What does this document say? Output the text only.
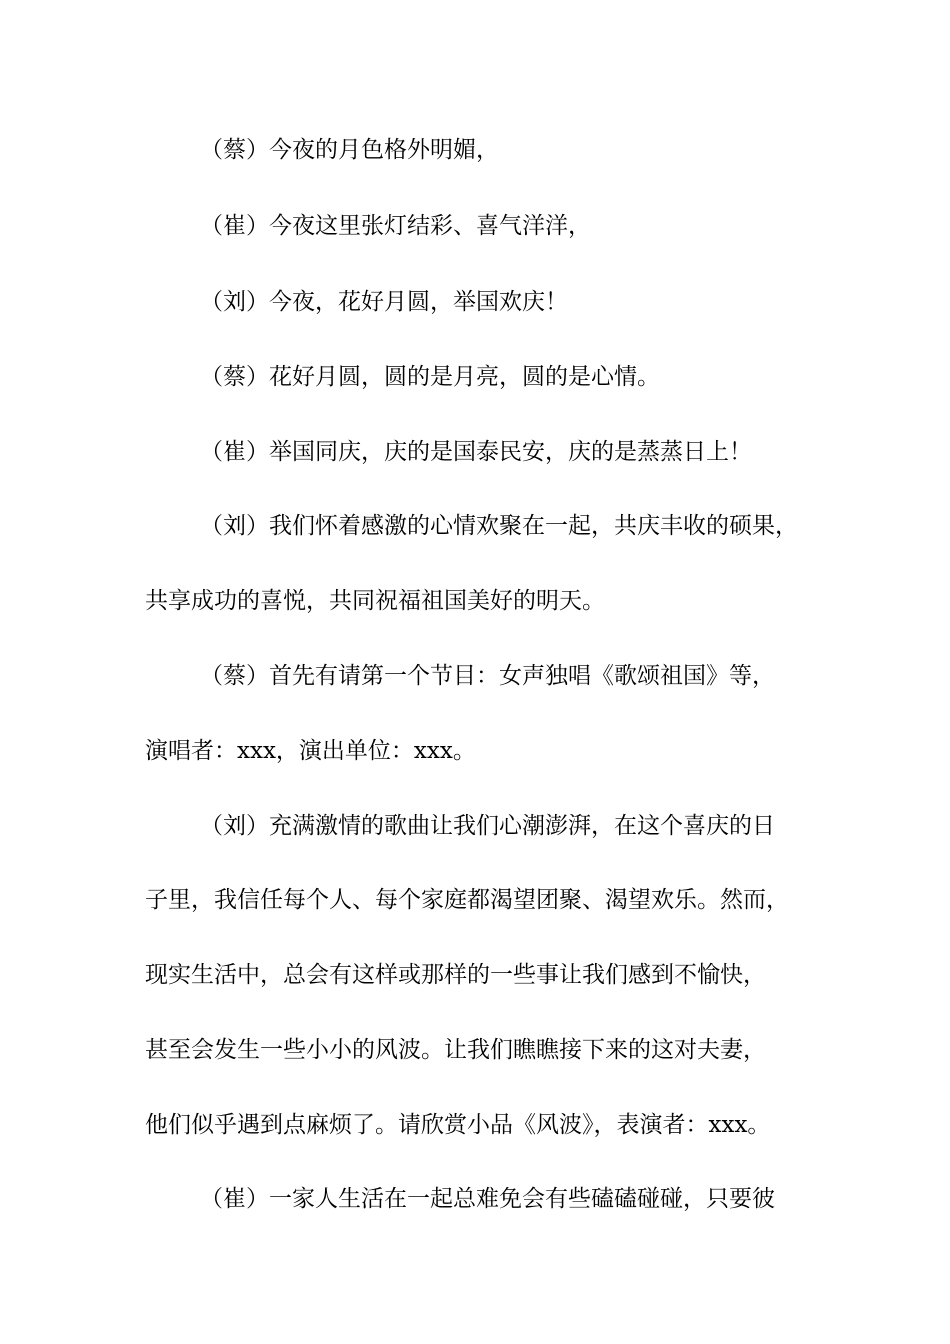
（蔡）今夜的月色格外明媚，
（崔）今夜这里张灯结彩、喜气洋洋，
（刘）今夜，花好月圆，举国欢庆！
（蔡）花好月圆，圆的是月亮，圆的是心情。
（崔）举国同庆，庆的是国泰民安，庆的是蒸蒸日上！
（刘）我们怀着感激的心情欢聚在一起，共庆丰收的硕果，
共享成功的喜悦，共同祝福祖国美好的明天。
（蔡）首先有请第一个节目：女声独唱《歌颂祖国》等，
演唱者：xxx，演出单位：xxx。
（刘）充满激情的歌曲让我们心潮澎湃，在这个喜庆的日
子里，我信任每个人、每个家庭都渴望团聚、渴望欢乐。然而，
现实生活中，总会有这样或那样的一些事让我们感到不愉快，
甚至会发生一些小小的风波。让我们瞧瞧接下来的这对夫妻，
他们似乎遇到点麻烦了。请欣赏小品《风波》，表演者：xxx。
（崔）一家人生活在一起总难免会有些磕磕碰碰，只要彼
